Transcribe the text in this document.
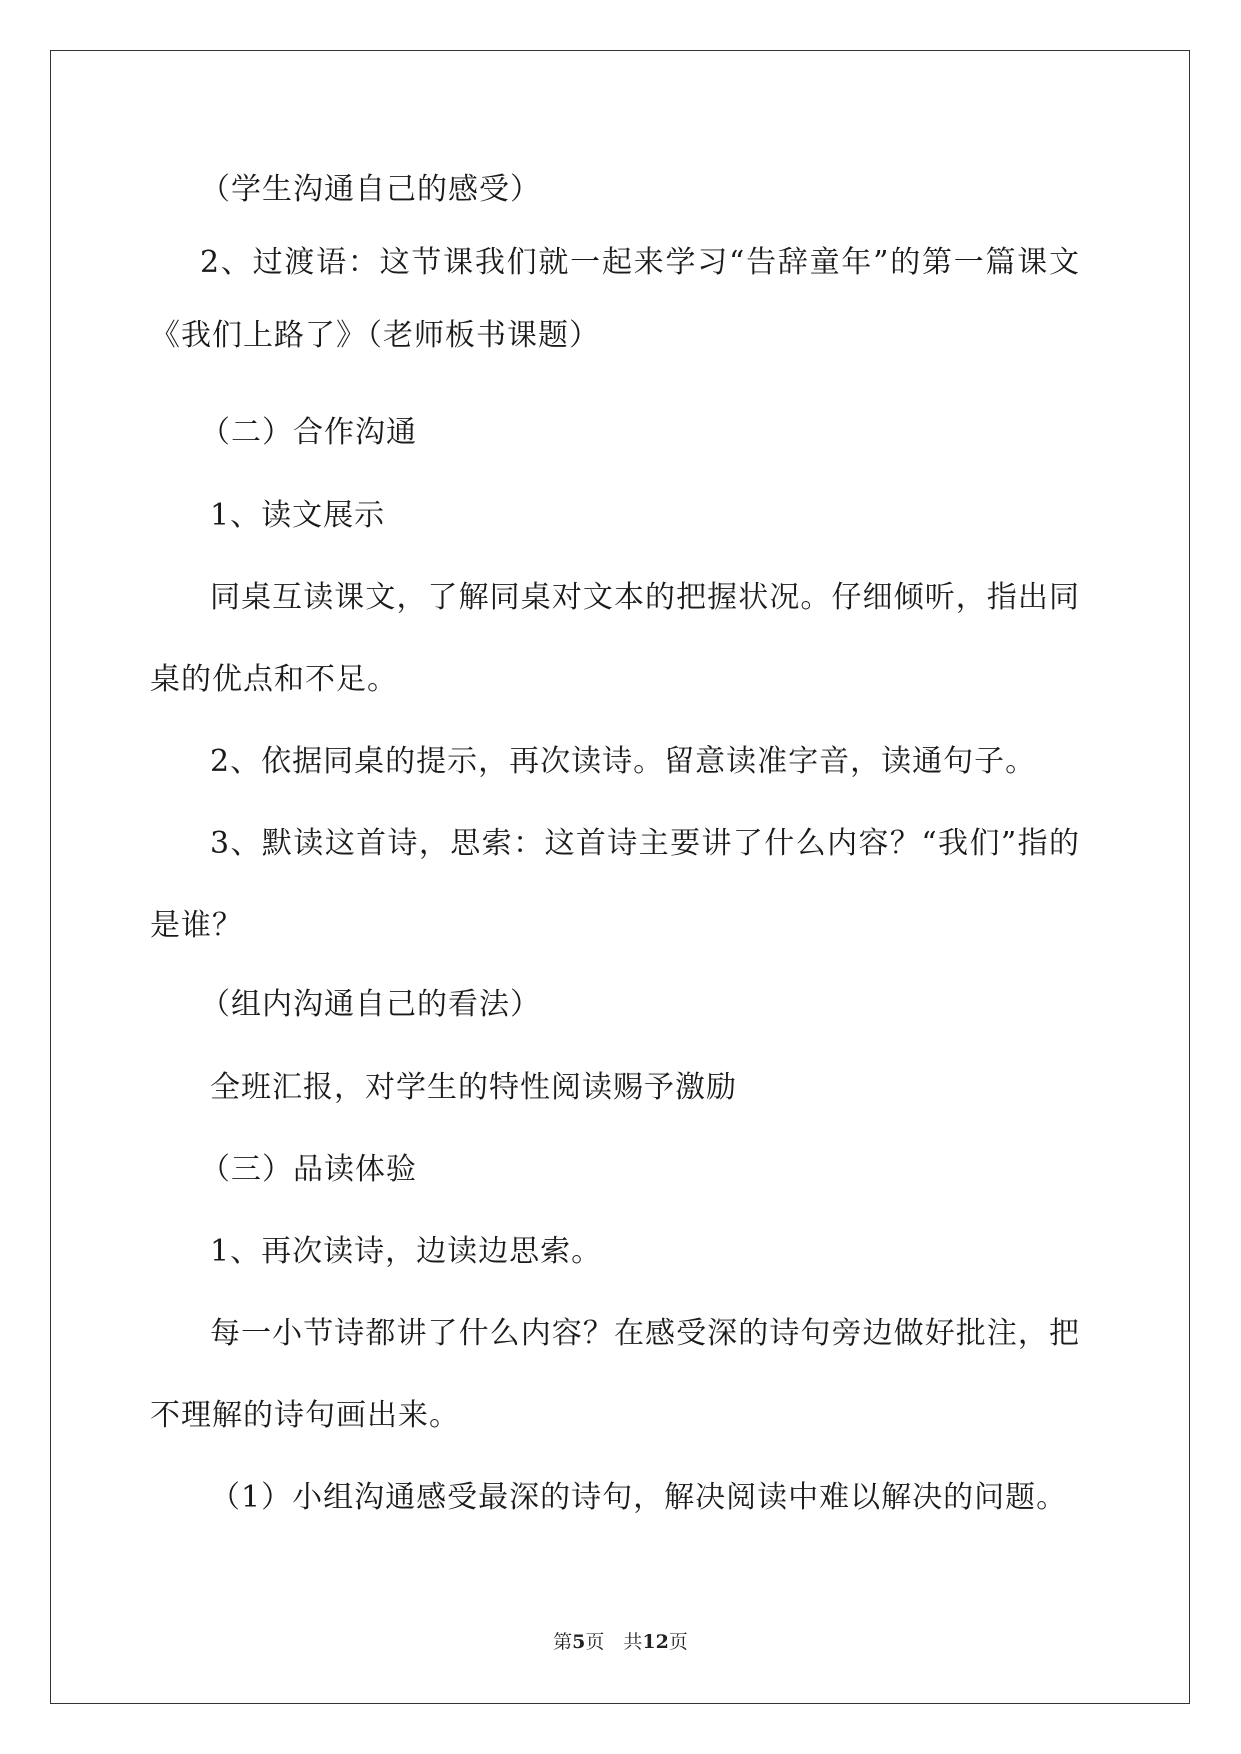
（学生沟通自己的感受）
2、过渡语：这节课我们就一起来学习“告辞童年”的第一篇课文
《我们上路了》（老师板书课题）
（二）合作沟通
1、读文展示
同桌互读课文，了解同桌对文本的把握状况。仔细倾听，指出同
桌的优点和不足。
2、依据同桌的提示，再次读诗。留意读准字音，读通句子。
3、默读这首诗，思索：这首诗主要讲了什么内容？“我们”指的
是谁？
（组内沟通自己的看法）
全班汇报，对学生的特性阅读赐予激励
（三）品读体验
1、再次读诗，边读边思索。
每一小节诗都讲了什么内容？在感受深的诗句旁边做好批注，把
不理解的诗句画出来。
（1）小组沟通感受最深的诗句，解决阅读中难以解决的问题。
第5页　共12页
